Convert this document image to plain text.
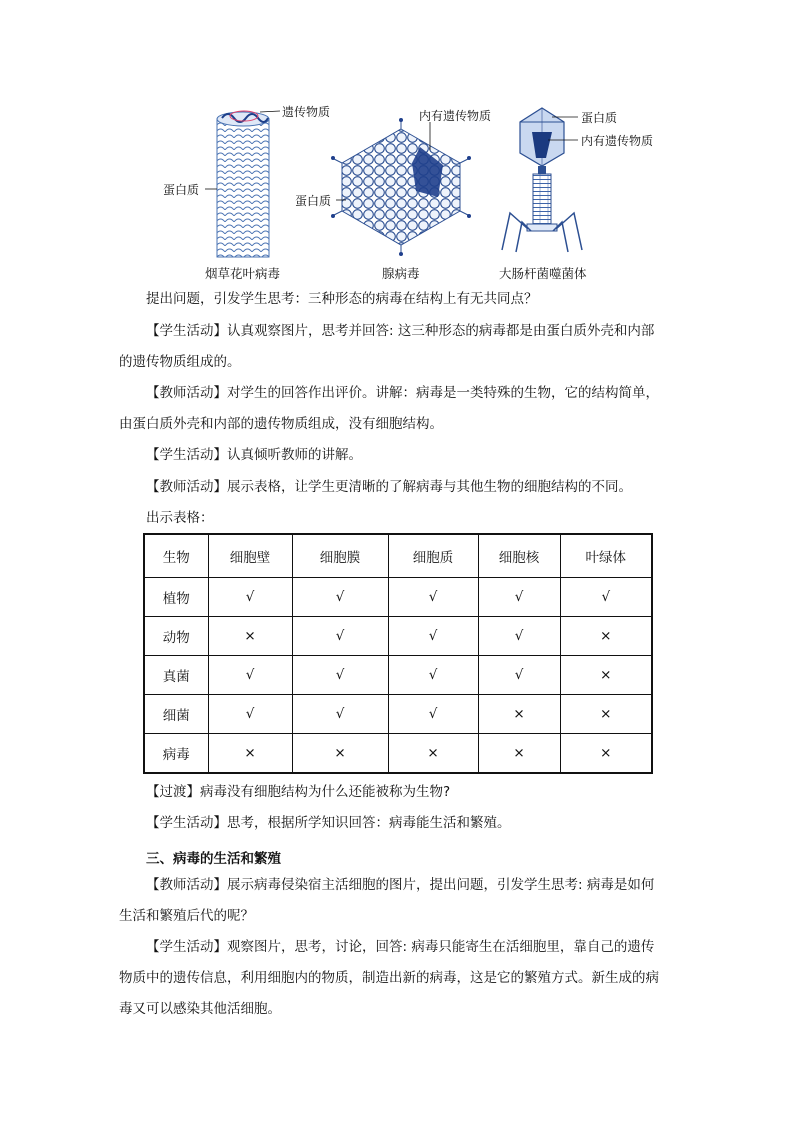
遗传物质
蛋白质
烟草花叶病毒
内有遗传物质
蛋白质
腺病毒
蛋白质
内有遗传物质
大肠杆菌噬菌体
提出问题，引发学生思考：三种形态的病毒在结构上有无共同点？
【学生活动】认真观察图片，思考并回答: 这三种形态的病毒都是由蛋白质外壳和内部
的遗传物质组成的。
【教师活动】对学生的回答作出评价。讲解：病毒是一类特殊的生物，它的结构简单，
由蛋白质外壳和内部的遗传物质组成，没有细胞结构。
【学生活动】认真倾听教师的讲解。
【教师活动】展示表格，让学生更清晰的了解病毒与其他生物的细胞结构的不同。
出示表格：
生物	细胞壁	细胞膜	细胞质	细胞核	叶绿体
植物	√	√	√	√	√
动物	×	√	√	√	×
真菌	√	√	√	√	×
细菌	√	√	√	×	×
病毒	×	×	×	×	×
【过渡】病毒没有细胞结构为什么还能被称为生物?
【学生活动】思考，根据所学知识回答：病毒能生活和繁殖。
三、病毒的生活和繁殖
【教师活动】展示病毒侵染宿主活细胞的图片，提出问题，引发学生思考: 病毒是如何
生活和繁殖后代的呢？
【学生活动】观察图片，思考，讨论，回答: 病毒只能寄生在活细胞里，靠自己的遗传
物质中的遗传信息，利用细胞内的物质，制造出新的病毒，这是它的繁殖方式。新生成的病
毒又可以感染其他活细胞。
